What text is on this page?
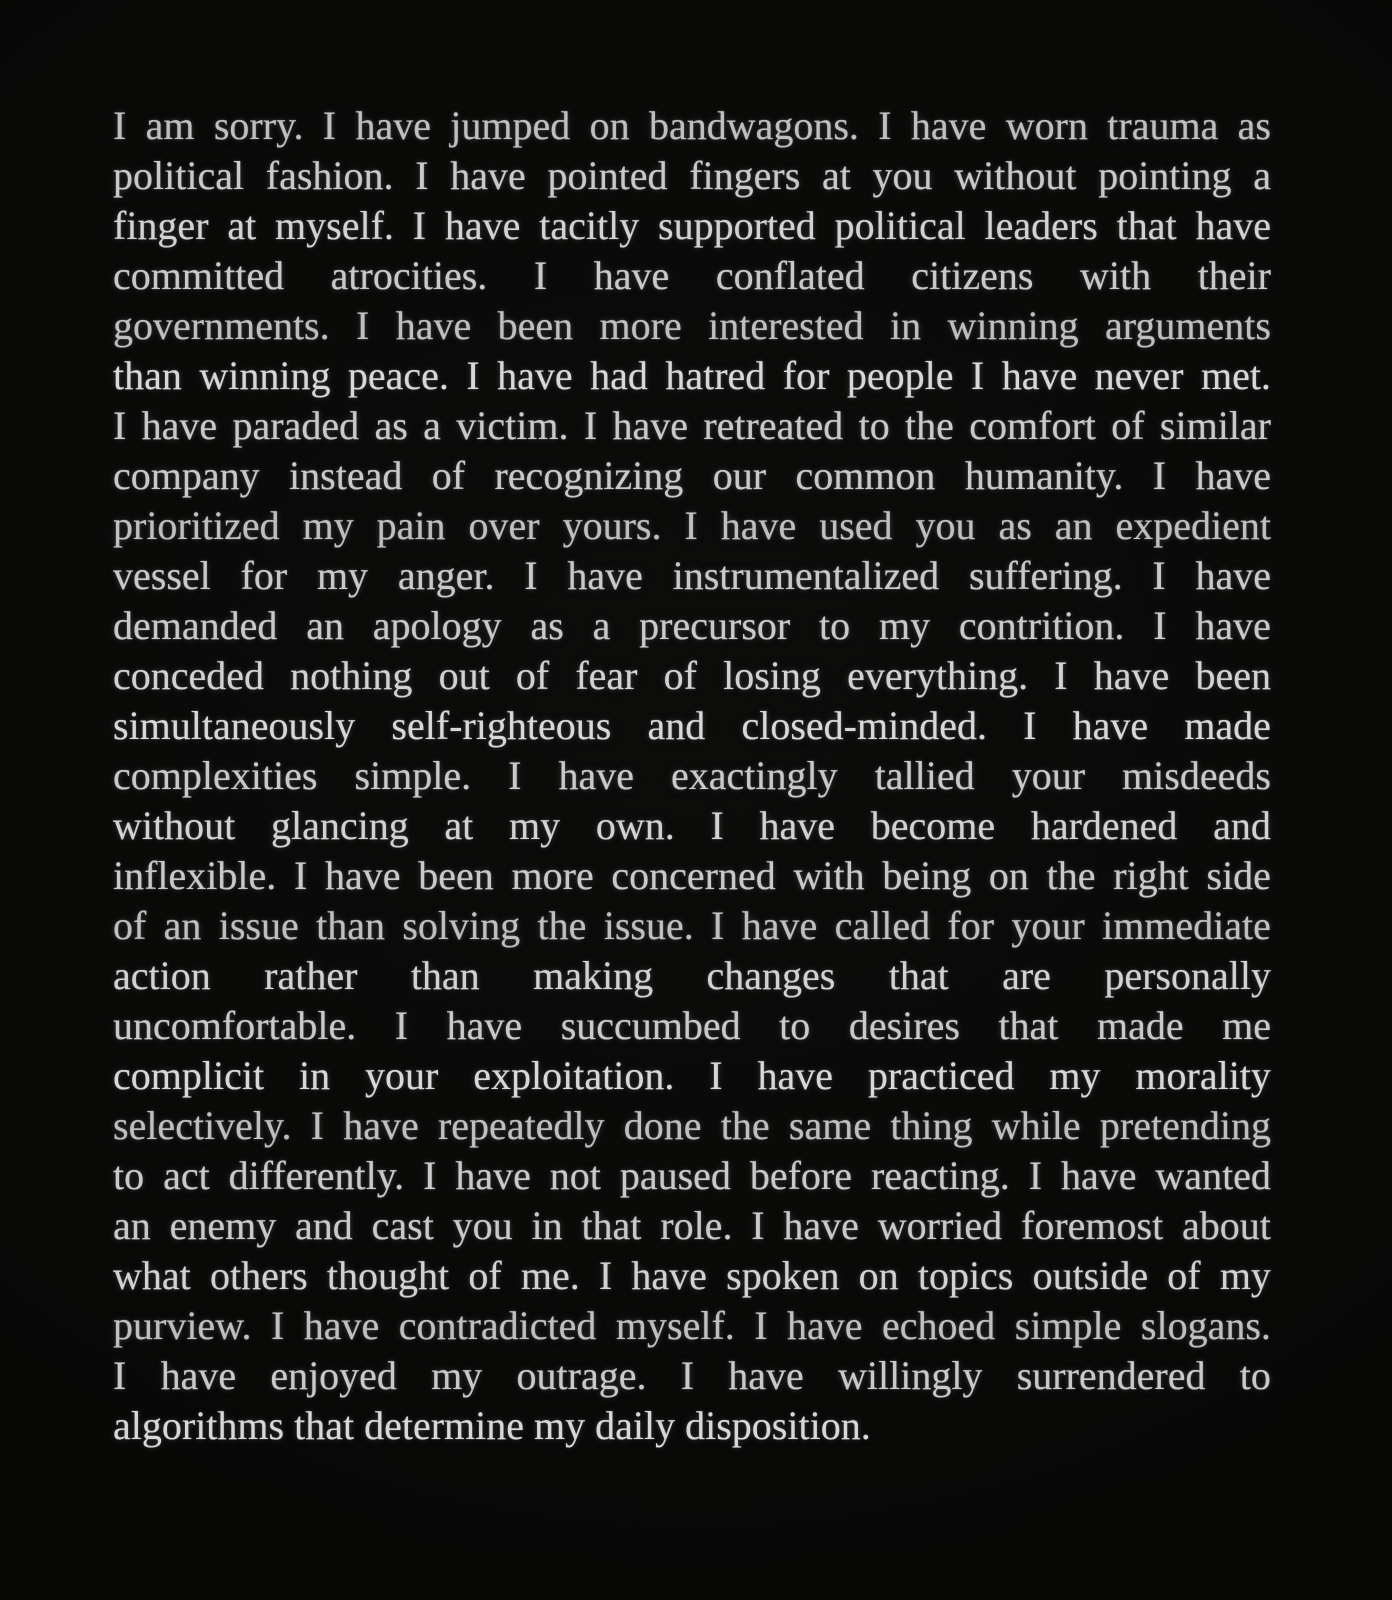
I am sorry. I have jumped on bandwagons. I have worn trauma as
political fashion. I have pointed fingers at you without pointing a
finger at myself. I have tacitly supported political leaders that have
committed atrocities. I have conflated citizens with their
governments. I have been more interested in winning arguments
than winning peace. I have had hatred for people I have never met.
I have paraded as a victim. I have retreated to the comfort of similar
company instead of recognizing our common humanity. I have
prioritized my pain over yours. I have used you as an expedient
vessel for my anger. I have instrumentalized suffering. I have
demanded an apology as a precursor to my contrition. I have
conceded nothing out of fear of losing everything. I have been
simultaneously self-righteous and closed-minded. I have made
complexities simple. I have exactingly tallied your misdeeds
without glancing at my own. I have become hardened and
inflexible. I have been more concerned with being on the right side
of an issue than solving the issue. I have called for your immediate
action rather than making changes that are personally
uncomfortable. I have succumbed to desires that made me
complicit in your exploitation. I have practiced my morality
selectively. I have repeatedly done the same thing while pretending
to act differently. I have not paused before reacting. I have wanted
an enemy and cast you in that role. I have worried foremost about
what others thought of me. I have spoken on topics outside of my
purview. I have contradicted myself. I have echoed simple slogans.
I have enjoyed my outrage. I have willingly surrendered to
algorithms that determine my daily disposition.
